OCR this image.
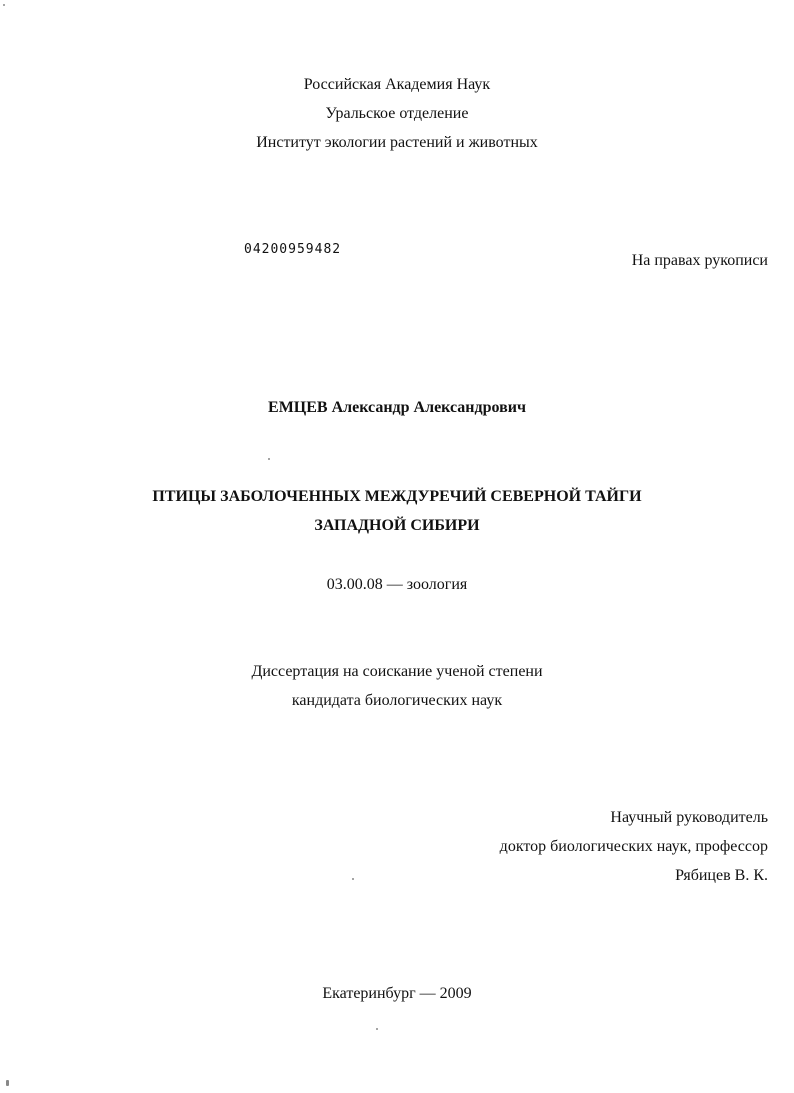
Российская Академия Наук
Уральское отделение
Институт экологии растений и животных
04200959482
На правах рукописи
ЕМЦЕВ Александр Александрович
ПТИЦЫ ЗАБОЛОЧЕННЫХ МЕЖДУРЕЧИЙ СЕВЕРНОЙ ТАЙГИ
ЗАПАДНОЙ СИБИРИ
03.00.08 — зоология
Диссертация на соискание ученой степени
кандидата биологических наук
Научный руководитель
доктор биологических наук, профессор
Рябицев В. К.
Екатеринбург — 2009
